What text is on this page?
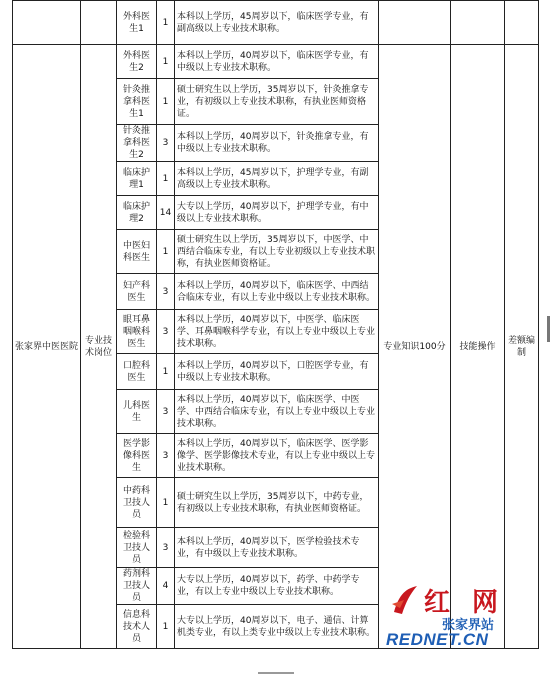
		外科医生1	1	本科以上学历，45周岁以下，临床医学专业，有副高级以上专业技术职称。			
张家界中医医院	专业技术岗位	外科医生2	1	本科以上学历，40周岁以下，临床医学专业，有中级以上专业技术职称。	专业知识100分	技能操作	差额编制
		针灸推拿科医生1	1	硕士研究生以上学历，35周岁以下，针灸推拿专业，有初级以上专业技术职称，有执业医师资格证。			
		针灸推拿科医生2	3	本科以上学历，40周岁以下，针灸推拿专业，有中级以上专业技术职称。			
		临床护理1	1	本科以上学历，45周岁以下，护理学专业，有副高级以上专业技术职称。			
		临床护理2	14	大专以上学历，40周岁以下，护理学专业，有中级以上专业技术职称。			
		中医妇科医生	1	硕士研究生以上学历，35周岁以下，中医学、中西结合临床专业，有以上专业初级以上专业技术职称，有执业医师资格证。			
		妇产科医生	3	本科以上学历，40周岁以下，临床医学、中西结合临床专业，有以上专业中级以上专业技术职称。			
		眼耳鼻咽喉科医生	3	本科以上学历，40周岁以下，中医学、临床医学、耳鼻咽喉科学专业，有以上专业中级以上专业技术职称。			
		口腔科医生	1	本科以上学历，40周岁以下，口腔医学专业，有中级以上专业技术职称。			
		儿科医生	3	本科以上学历，40周岁以下，临床医学、中医学、中西结合临床专业，有以上专业中级以上专业技术职称。			
		医学影像科医生	3	本科以上学历，40周岁以下，临床医学、医学影像学、医学影像技术专业，有以上专业中级以上专业技术职称。			
		中药科卫技人员	1	硕士研究生以上学历，35周岁以下，中药专业，有初级以上专业技术职称，有执业医师资格证。			
		检验科卫技人员	3	本科以上学历，40周岁以下，医学检验技术专业，有中级以上专业技术职称。			
		药剂科卫技人员	4	大专以上学历，40周岁以下，药学、中药学专业，有以上专业中级以上专业技术职称。			
		信息科技术人员	1	大专以上学历，40周岁以下，电子、通信、计算机类专业，有以上类专业中级以上专业技术职称。			
红 网
张家界站
REDNET.CN
